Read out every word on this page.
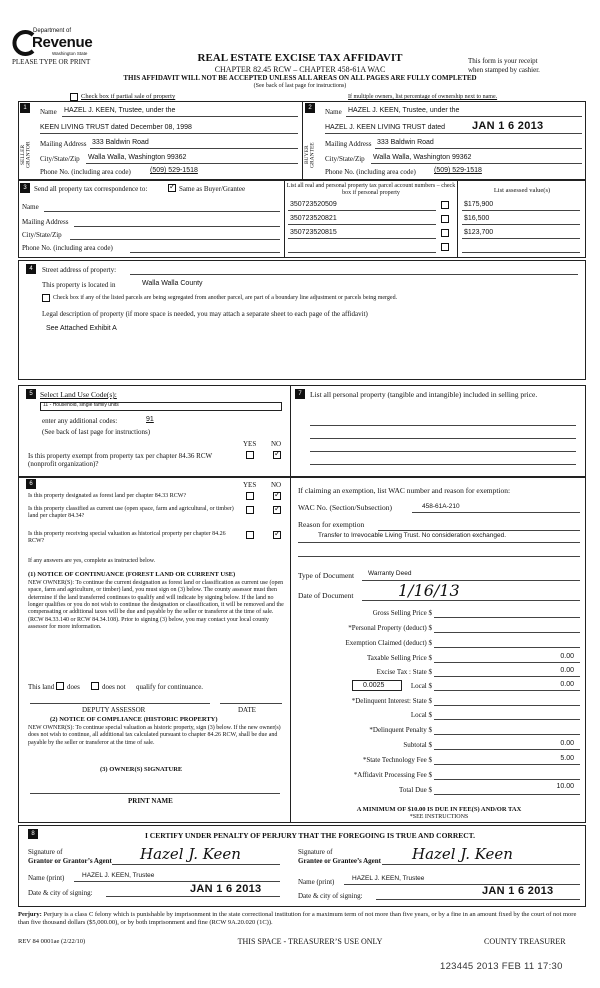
Department of
Revenue
Washington State
PLEASE TYPE OR PRINT	REAL ESTATE EXCISE TAX AFFIDAVIT
CHAPTER 82.45 RCW – CHAPTER 458-61A WAC
THIS AFFIDAVIT WILL NOT BE ACCEPTED UNLESS ALL AREAS ON ALL PAGES ARE FULLY COMPLETED
(See back of last page for instructions)
This form is your receipt
when stamped by cashier.
Check box if partial sale of property	If multiple owners, list percentage of ownership next to name.
1	2
SELLER GRANTOR	BUYER GRANTEE
Name HAZEL J. KEEN, Trustee, under the
KEEN LIVING TRUST dated December 08, 1998
Mailing Address 333 Baldwin Road
City/State/Zip Walla Walla, Washington 99362
Phone No. (including area code)	(509) 529-1518
Name HAZEL J. KEEN, Trustee, under the
HAZEL J. KEEN LIVING TRUST dated JAN 1 6 2013
Mailing Address 333 Baldwin Road
City/State/Zip Walla Walla, Washington 99362
Phone No. (including area code)	(509) 529-1518
3	Send all property tax correspondence to:
✓	Same as Buyer/Grantee
Name
Mailing Address
City/State/Zip
Phone No. (including area code)
List all real and personal property tax parcel account numbers – check box if personal property	List assessed value(s)
350723520509	$175,900
350723520821	$16,500
350723520815	$123,700
4	Street address of property:
This property is located in	Walla Walla County
Check box if any of the listed parcels are being segregated from another parcel, are part of a boundary line adjustment or parcels being merged.
Legal description of property (if more space is needed, you may attach a separate sheet to each page of the affidavit)
See Attached Exhibit A
5 Select Land Use Code(s):
11 - Household, single family units
enter any additional codes:	91
(See back of last page for instructions)
YES NO
Is this property exempt from property tax per chapter 84.36 RCW (nonprofit organization)?
✓
7	List all personal property (tangible and intangible) included in selling price.
6	YES NO
Is this property designated as forest land per chapter 84.33 RCW?
✓
Is this property classified as current use (open space, farm and agricultural, or timber) land per chapter 84.34?
✓
Is this property receiving special valuation as historical property per chapter 84.26 RCW?
✓
If any answers are yes, complete as instructed below.
(1) NOTICE OF CONTINUANCE (FOREST LAND OR CURRENT USE)
NEW OWNER(S): To continue the current designation as forest land or classification as current use (open space, farm and agriculture, or timber) land, you must sign on (3) below. The county assessor must then determine if the land transferred continues to qualify and will indicate by signing below. If the land no longer qualifies or you do not wish to continue the designation or classification, it will be removed and the compensating or additional taxes will be due and payable by the seller or transferor at the time of sale. (RCW 84.33.140 or RCW 84.34.108). Prior to signing (3) below, you may contact your local county assessor for more information.
This land does	does not qualify for continuance.
DEPUTY ASSESSOR	DATE
(2) NOTICE OF COMPLIANCE (HISTORIC PROPERTY)
NEW OWNER(S): To continue special valuation as historic property, sign (3) below. If the new owner(s) does not wish to continue, all additional tax calculated pursuant to chapter 84.26 RCW, shall be due and payable by the seller or transferor at the time of sale.
(3) OWNER(S) SIGNATURE
PRINT NAME
If claiming an exemption, list WAC number and reason for exemption:
WAC No. (Section/Subsection)	458-61A-210
Reason for exemption
Transfer to Irrevocable Living Trust. No consideration exchanged.
Type of Document Warranty Deed
Date of Document	1/16/13
Gross Selling Price $
*Personal Property (deduct) $
Exemption Claimed (deduct) $
Taxable Selling Price $	0.00
Excise Tax : State $	0.00
0.0025	Local $	0.00
*Delinquent Interest: State $
Local $
*Delinquent Penalty $
Subtotal $	0.00
*State Technology Fee $	5.00
*Affidavit Processing Fee $
Total Due $	10.00
A MINIMUM OF $10.00 IS DUE IN FEE(S) AND/OR TAX
*SEE INSTRUCTIONS
8	I CERTIFY UNDER PENALTY OF PERJURY THAT THE FOREGOING IS TRUE AND CORRECT.
Signature of
Grantor or Grantor’s Agent Hazel J. Keen
Name (print)	HAZEL J. KEEN, Trustee
Date & city of signing:	JAN 1 6 2013
Signature of
Grantee or Grantee’s Agent Hazel J. Keen
Name (print)	HAZEL J. KEEN, Trustee
Date & city of signing:	JAN 1 6 2013
Perjury: Perjury is a class C felony which is punishable by imprisonment in the state correctional institution for a maximum term of not more than five years, or by a fine in an amount fixed by the court of not more than five thousand dollars ($5,000.00), or by both imprisonment and fine (RCW 9A.20.020 (1C)).
REV 84 0001ae (2/22/10)	THIS SPACE - TREASURER’S USE ONLY	COUNTY TREASURER
123445 2013 FEB 11 17:30
